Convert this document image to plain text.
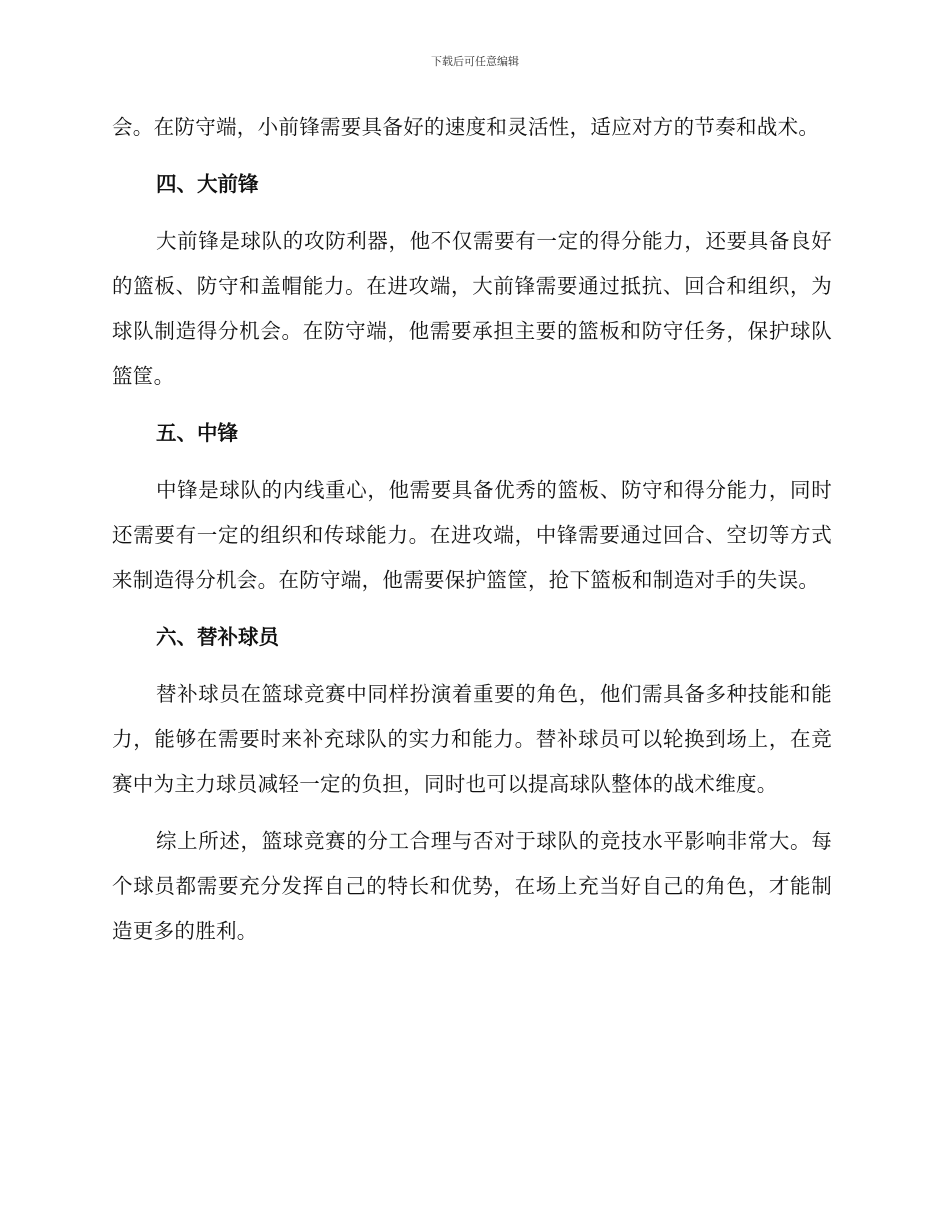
下载后可任意编辑

会。在防守端，小前锋需要具备好的速度和灵活性，适应对方的节奏和战术。

四、大前锋

大前锋是球队的攻防利器，他不仅需要有一定的得分能力，还要具备良好的篮板、防守和盖帽能力。在进攻端，大前锋需要通过抵抗、回合和组织，为球队制造得分机会。在防守端，他需要承担主要的篮板和防守任务，保护球队篮筐。

五、中锋

中锋是球队的内线重心，他需要具备优秀的篮板、防守和得分能力，同时还需要有一定的组织和传球能力。在进攻端，中锋需要通过回合、空切等方式来制造得分机会。在防守端，他需要保护篮筐，抢下篮板和制造对手的失误。

六、替补球员

替补球员在篮球竞赛中同样扮演着重要的角色，他们需具备多种技能和能力，能够在需要时来补充球队的实力和能力。替补球员可以轮换到场上，在竞赛中为主力球员减轻一定的负担，同时也可以提高球队整体的战术维度。

综上所述，篮球竞赛的分工合理与否对于球队的竞技水平影响非常大。每个球员都需要充分发挥自己的特长和优势，在场上充当好自己的角色，才能制造更多的胜利。
